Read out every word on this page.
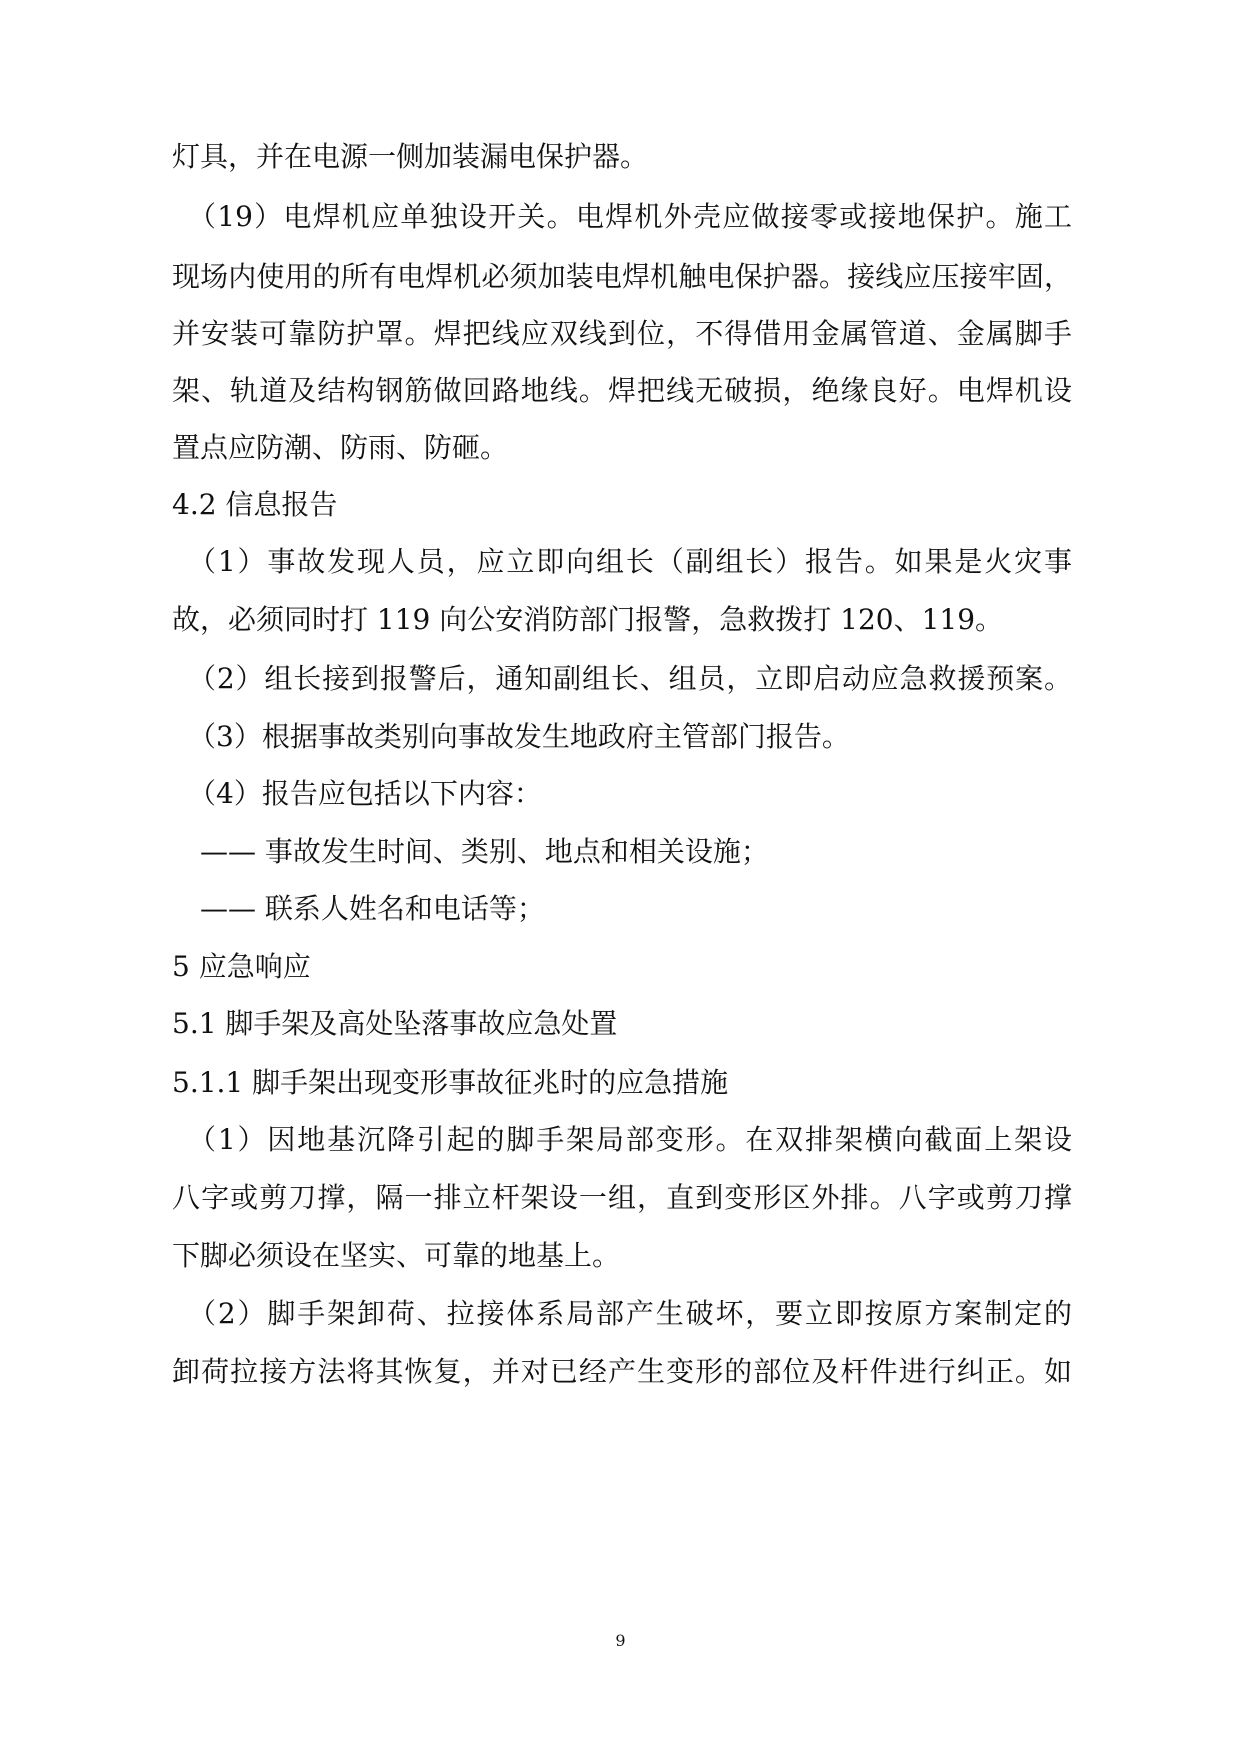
灯具，并在电源一侧加装漏电保护器。
（19）电焊机应单独设开关。电焊机外壳应做接零或接地保护。施工
现场内使用的所有电焊机必须加装电焊机触电保护器。接线应压接牢固，
并安装可靠防护罩。焊把线应双线到位，不得借用金属管道、金属脚手
架、轨道及结构钢筋做回路地线。焊把线无破损，绝缘良好。电焊机设
置点应防潮、防雨、防砸。
4.2 信息报告
（1）事故发现人员，应立即向组长（副组长）报告。如果是火灾事
故，必须同时打 119 向公安消防部门报警，急救拨打 120、119。
（2）组长接到报警后，通知副组长、组员，立即启动应急救援预案。
（3）根据事故类别向事故发生地政府主管部门报告。
（4）报告应包括以下内容：
—— 事故发生时间、类别、地点和相关设施；
—— 联系人姓名和电话等；
5 应急响应
5.1 脚手架及高处坠落事故应急处置
5.1.1 脚手架出现变形事故征兆时的应急措施
（1）因地基沉降引起的脚手架局部变形。在双排架横向截面上架设
八字或剪刀撑，隔一排立杆架设一组，直到变形区外排。八字或剪刀撑
下脚必须设在坚实、可靠的地基上。
（2）脚手架卸荷、拉接体系局部产生破坏，要立即按原方案制定的
卸荷拉接方法将其恢复，并对已经产生变形的部位及杆件进行纠正。如
9
